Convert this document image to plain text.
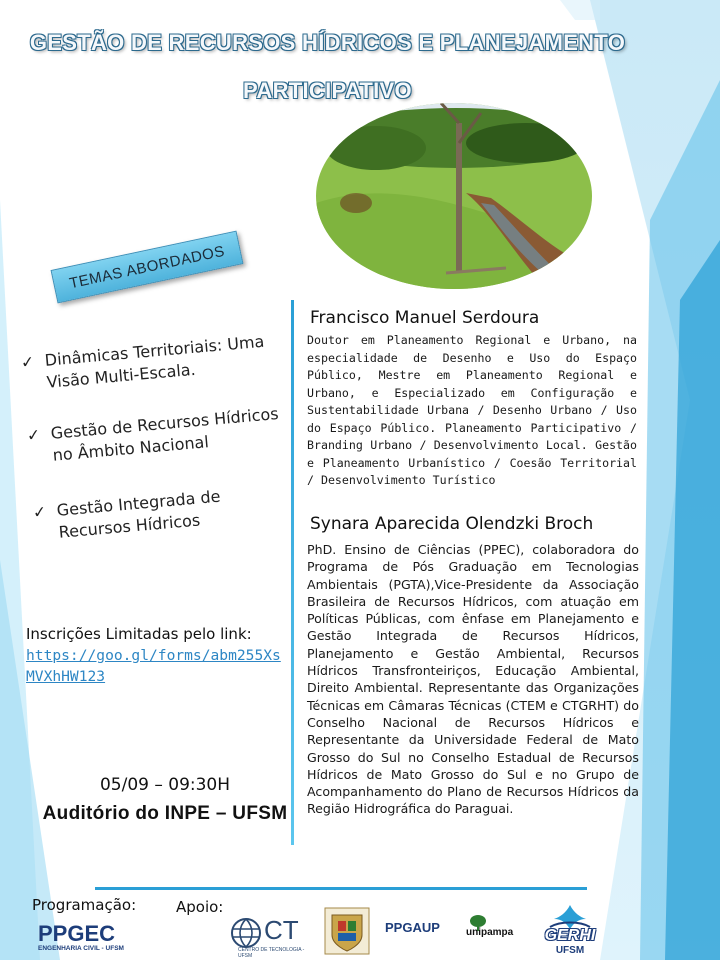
GESTÃO DE RECURSOS HÍDRICOS E PLANEJAMENTO
PARTICIPATIVO
TEMAS ABORDADOS
✓ Dinâmicas Territoriais: Uma Visão Multi-Escala.
✓ Gestão de Recursos Hídricos no Âmbito Nacional
✓ Gestão Integrada de Recursos Hídricos
Francisco Manuel Serdoura
Doutor em Planeamento Regional e Urbano, na especialidade de Desenho e Uso do Espaço Público, Mestre em Planeamento Regional e Urbano, e Especializado em Configuração e Sustentabilidade Urbana / Desenho Urbano / Uso do Espaço Público. Planeamento Participativo / Branding Urbano / Desenvolvimento Local. Gestão e Planeamento Urbanístico / Coesão Territorial / Desenvolvimento Turístico
Synara Aparecida Olendzki Broch
PhD. Ensino de Ciências (PPEC), colaboradora do Programa de Pós Graduação em Tecnologias Ambientais (PGTA),Vice-Presidente da Associação Brasileira de Recursos Hídricos, com atuação em Políticas Públicas, com ênfase em Planejamento e Gestão Integrada de Recursos Hídricos, Planejamento e Gestão Ambiental, Recursos Hídricos Transfronteiriços, Educação Ambiental, Direito Ambiental. Representante das Organizações Técnicas em Câmaras Técnicas (CTEM e CTGRHT) do Conselho Nacional de Recursos Hídricos e Representante da Universidade Federal de Mato Grosso do Sul no Conselho Estadual de Recursos Hídricos de Mato Grosso do Sul e no Grupo de Acompanhamento do Plano de Recursos Hídricos da Região Hidrográfica do Paraguai.
Inscrições Limitadas pelo link:
https://goo.gl/forms/abm255XsMVXhHW123
05/09 – 09:30H
Auditório do INPE – UFSM
Programação:	Apoio:
PPGEC
ENGENHARIA CIVIL - UFSM
CT
CENTRO DE TECNOLOGIA - UFSM
PPGAUP	unipampa GERHI
UFSM
